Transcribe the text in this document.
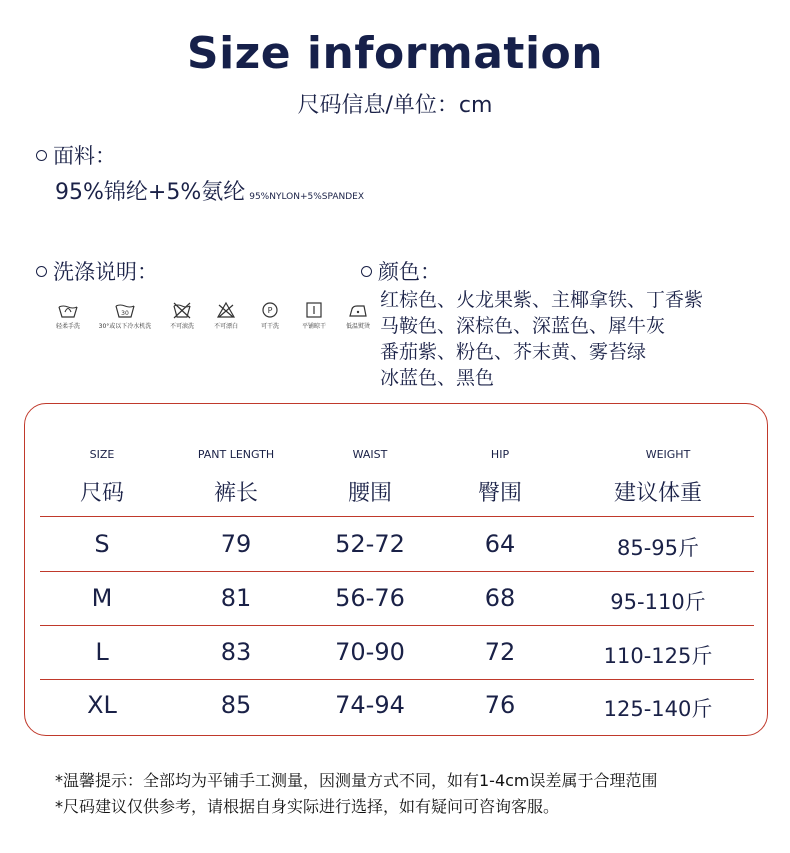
Size information
尺码信息/单位：cm
面料：
95%锦纶+5%氨纶 95%NYLON+5%SPANDEX
洗涤说明：
轻柔手洗
30
30°或以下冷水机洗	不可滚洗	不可漂白
P
可干洗	平铺晾干	低温熨烫
颜色：
红棕色、火龙果紫、主椰拿铁、丁香紫
马鞍色、深棕色、深蓝色、犀牛灰
番茄紫、粉色、芥末黄、雾苔绿
冰蓝色、黑色
SIZE	PANT LENGTH	WAIST	HIP	WEIGHT
尺码	裤长	腰围	臀围	建议体重
S	79	52-72	64	85-95斤
M	81	56-76	68	95-110斤
L	83	70-90	72	110-125斤
XL	85	74-94	76	125-140斤
*温馨提示：全部均为平铺手工测量，因测量方式不同，如有1-4cm误差属于合理范围
*尺码建议仅供参考，请根据自身实际进行选择，如有疑问可咨询客服。
